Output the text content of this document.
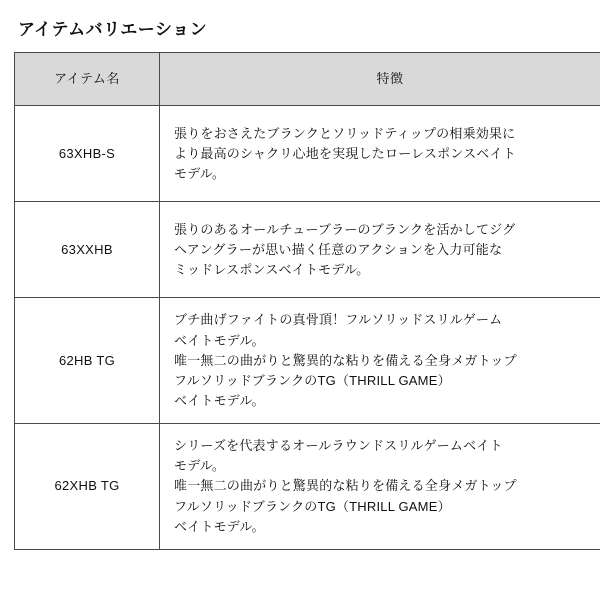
アイテムバリエーション
アイテム名	特徴
63XHB-S	張りをおさえたブランクとソリッドティップの相乗効果に
より最高のシャクリ心地を実現したローレスポンスベイト
モデル。

63XXHB	張りのあるオールチューブラーのブランクを活かしてジグ
ヘアングラーが思い描く任意のアクションを入力可能な
ミッドレスポンスベイトモデル。

62HB TG	ブチ曲げファイトの真骨頂！フルソリッドスリルゲーム
ベイトモデル。
唯一無二の曲がりと驚異的な粘りを備える全身メガトップ
フルソリッドブランクのTG（THRILL GAME）
ベイトモデル。

62XHB TG	シリーズを代表するオールラウンドスリルゲームベイト
モデル。
唯一無二の曲がりと驚異的な粘りを備える全身メガトップ
フルソリッドブランクのTG（THRILL GAME）
ベイトモデル。
